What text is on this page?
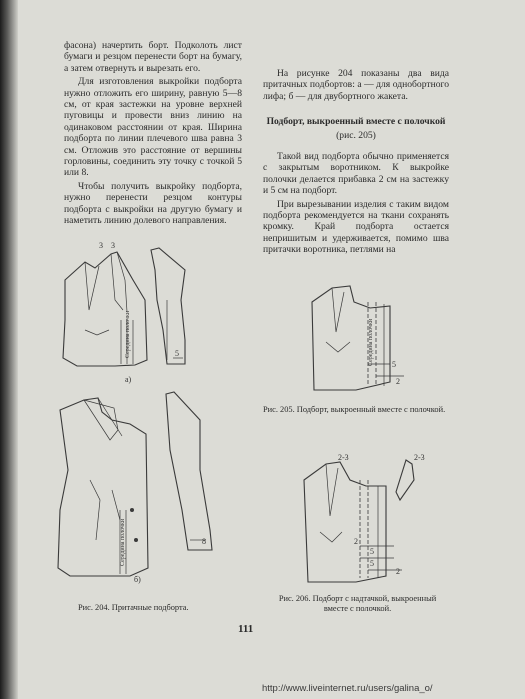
фасона) начертить борт. Подколоть лист бумаги и резцом перенести борт на бумагу, а затем отвернуть и вырезать его.

Для изготовления выкройки подборта нужно отложить его ширину, равную 5—8 см, от края застежки на уровне верхней пуговицы и провести вниз линию на одинаковом расстоянии от края. Ширина подборта по линии плечевого шва равна 3 см. Отложив это расстояние от вершины горловины, соединить эту точку с точкой 5 или 8.

Чтобы получить выкройку подборта, нужно перенести резцом контуры подборта с выкройки на другую бумагу и наметить линию долевого направления.

На рисунке 204 показаны два вида притачных подбортов: а — для однобортного лифа; б — для двубортного жакета.

Подборт, выкроенный вместе с полочкой

(рис. 205)

Такой вид подборта обычно применяется с закрытым воротником. К выкройке полочки делается прибавка 2 см на застежку и 5 см на подборт.

При вырезывании изделия с таким видом подборта рекомендуется на ткани сохранять кромку. Край подборта остается непришитым и удерживается, помимо шва притачки воротника, петлями на

3 3
5
а)
Середина полочки
8
б)
Середина полочки
Рис. 204. Притачные подборта.
5
2
Середина полочки
Рис. 205. Подборт, выкроенный вместе с полочкой.
2-3	2-3
2
5
5
2
Рис. 206. Подборт с надтачкой, выкроенный вместе с полочкой.
111
http://www.liveinternet.ru/users/galina_o/
